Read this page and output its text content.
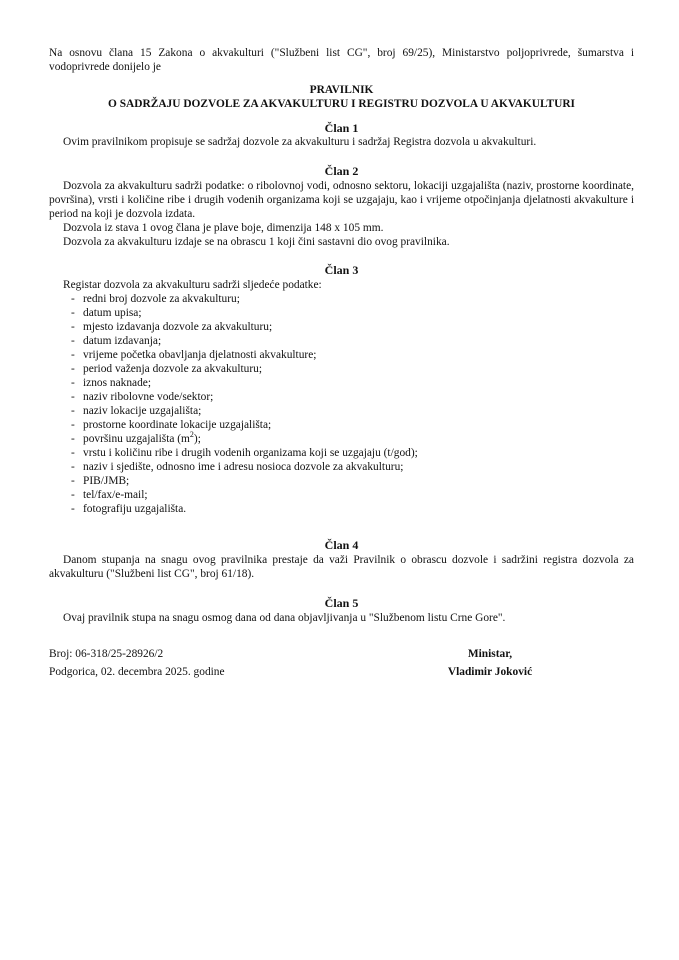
Na osnovu člana 15 Zakona o akvakulturi ("Službeni list CG", broj 69/25), Ministarstvo poljoprivrede, šumarstva i vodoprivrede donijelo je
PRAVILNIK
O SADRŽAJU DOZVOLE ZA AKVAKULTURU I REGISTRU DOZVOLA U AKVAKULTURI
Član 1
Ovim pravilnikom propisuje se sadržaj dozvole za akvakulturu i sadržaj Registra dozvola u akvakulturi.
Član 2
Dozvola za akvakulturu sadrži podatke: o ribolovnoj vodi, odnosno sektoru, lokaciji uzgajališta (naziv, prostorne koordinate, površina), vrsti i količine ribe i drugih vodenih organizama koji se uzgajaju, kao i vrijeme otpočinjanja djelatnosti akvakulture i period na koji je dozvola izdata.
Dozvola iz stava 1 ovog člana je plave boje, dimenzija 148 x 105 mm.
Dozvola za akvakulturu izdaje se na obrascu 1 koji čini sastavni dio ovog pravilnika.
Član 3
Registar dozvola za akvakulturu sadrži sljedeće podatke:
- redni broj dozvole za akvakulturu;
- datum upisa;
- mjesto izdavanja dozvole za akvakulturu;
- datum izdavanja;
- vrijeme početka obavljanja djelatnosti akvakulture;
- period važenja dozvole za akvakulturu;
- iznos naknade;
- naziv ribolovne vode/sektor;
- naziv lokacije uzgajališta;
- prostorne koordinate lokacije uzgajališta;
- površinu uzgajališta $(m^2)$;
- vrstu i količinu ribe i drugih vodenih organizama koji se uzgajaju (t/god);
- naziv i sjedište, odnosno ime i adresu nosioca dozvole za akvakulturu;
- PIB/JMB;
- tel/fax/e-mail;
- fotografiju uzgajališta.
Član 4
Danom stupanja na snagu ovog pravilnika prestaje da važi Pravilnik o obrascu dozvole i sadržini registra dozvola za akvakulturu ("Službeni list CG", broj 61/18).
Član 5
Ovaj pravilnik stupa na snagu osmog dana od dana objavljivanja u "Službenom listu Crne Gore".
Broj: 06-318/25-28926/2
Podgorica, 02. decembra 2025. godine
Ministar,
Vladimir Joković
